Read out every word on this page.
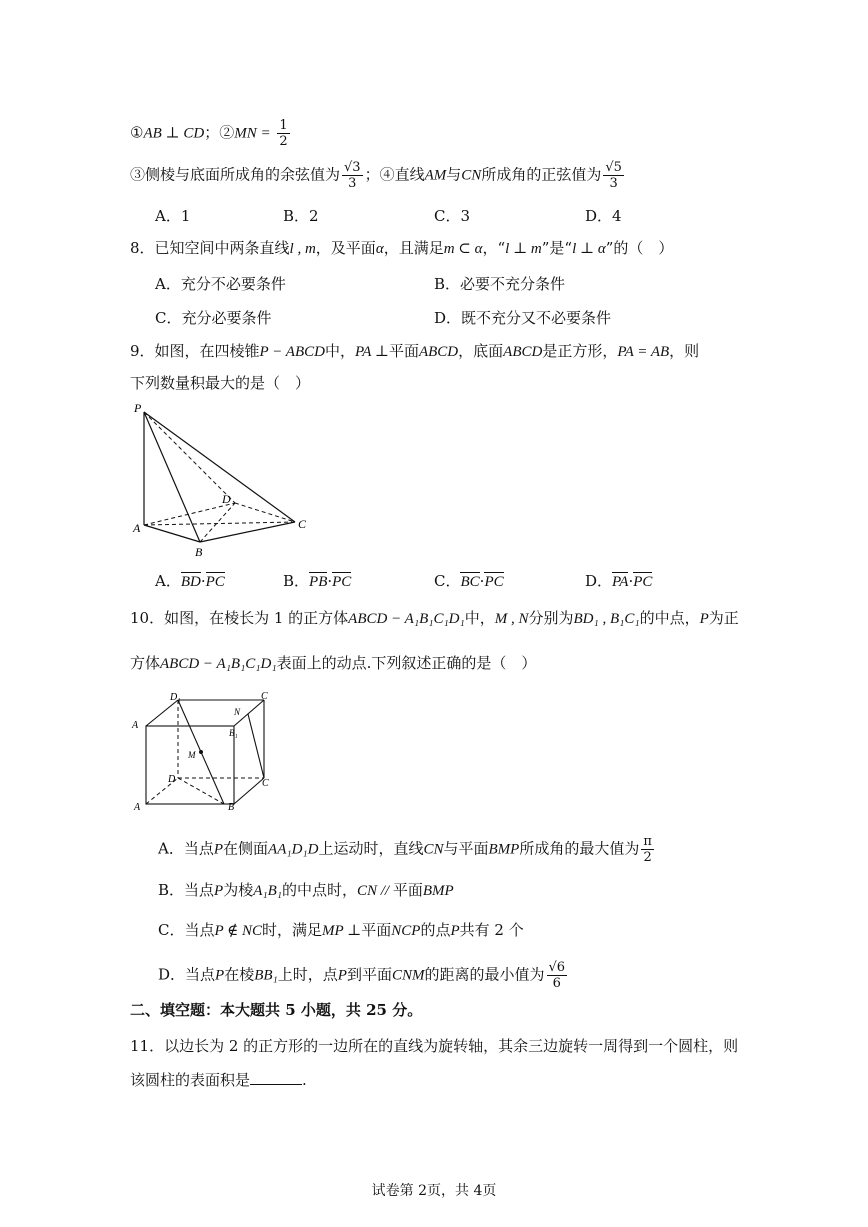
①AB ⊥ CD；②MN = $\frac{1}{2}$
③侧棱与底面所成角的余弦值为 $\frac{√3}{3}$ ；④直线AM与CN所成角的正弦值为 $\frac{√5}{3}$
A．1	B．2	C．3	D．4
8．已知空间中两条直线l , m，及平面α，且满足m ⊂ α，“l ⊥ m”是“l ⊥ α”的（　）
A．充分不必要条件	B．必要不充分条件
C．充分必要条件	D．既不充分又不必要条件
9．如图，在四棱锥P − ABCD中，PA ⊥平面ABCD，底面ABCD是正方形，PA = AB，则
下列数量积最大的是（　）
P
A
B
C
D
A．BD·PC	B．PB·PC	C．BC·PC	D．PA·PC
10．如图，在棱长为 1 的正方体ABCD − A₁B₁C₁D₁中，M , N分别为BD₁ , B₁C₁的中点，P为正
方体ABCD − A₁B₁C₁D₁表面上的动点.下列叙述正确的是（　）
D₁	C
A
B₁
N
M
D	C
A	B
A．当点P在侧面AA₁D₁D上运动时，直线CN与平面BMP所成角的最大值为 $\frac{\pi}{2}$
B．当点P为棱A₁B₁的中点时，CN // 平面BMP
C．当点P ∉ NC时，满足MP ⊥平面NCP的点P共有 2 个
D．当点P在棱BB₁上时，点P到平面CNM的距离的最小值为 $\frac{√6}{6}$
二、填空题：本大题共 5 小题，共 25 分。
11．以边长为 2 的正方形的一边所在的直线为旋转轴，其余三边旋转一周得到一个圆柱，则
该圆柱的表面积是	.
试卷第 2页，共 4页
